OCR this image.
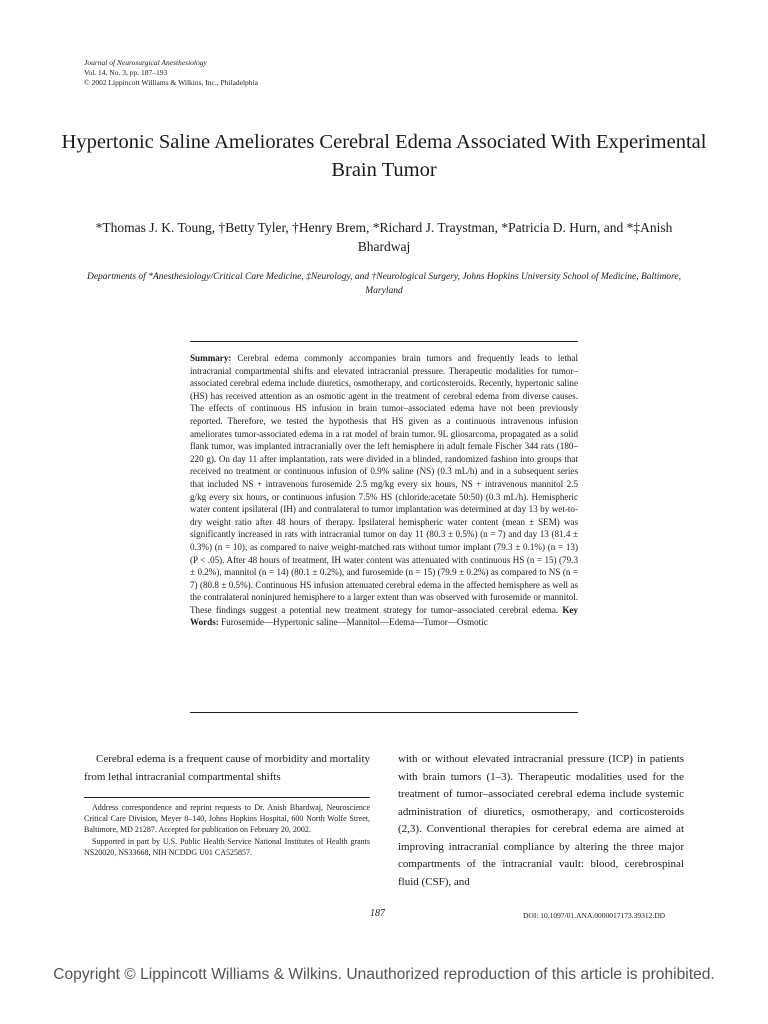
Journal of Neurosurgical Anesthesiology
Vol. 14, No. 3, pp. 187–193
© 2002 Lippincott Williams & Wilkins, Inc., Philadelphia
Hypertonic Saline Ameliorates Cerebral Edema Associated With Experimental Brain Tumor
*Thomas J. K. Toung, †Betty Tyler, †Henry Brem, *Richard J. Traystman, *Patricia D. Hurn, and *‡Anish Bhardwaj
Departments of *Anesthesiology/Critical Care Medicine, ‡Neurology, and †Neurological Surgery, Johns Hopkins University School of Medicine, Baltimore, Maryland
Summary: Cerebral edema commonly accompanies brain tumors and frequently leads to lethal intracranial compartmental shifts and elevated intracranial pressure. Therapeutic modalities for tumor–associated cerebral edema include diuretics, osmotherapy, and corticosteroids. Recently, hypertonic saline (HS) has received attention as an osmotic agent in the treatment of cerebral edema from diverse causes. The effects of continuous HS infusion in brain tumor–associated edema have not been previously reported. Therefore, we tested the hypothesis that HS given as a continuous intravenous infusion ameliorates tumor-associated edema in a rat model of brain tumor. 9L gliosarcoma, propagated as a solid flank tumor, was implanted intracranially over the left hemisphere in adult female Fischer 344 rats (180–220 g). On day 11 after implantation, rats were divided in a blinded, randomized fashion into groups that received no treatment or continuous infusion of 0.9% saline (NS) (0.3 mL/h) and in a subsequent series that included NS + intravenous furosemide 2.5 mg/kg every six hours, NS + intravenous mannitol 2.5 g/kg every six hours, or continuous infusion 7.5% HS (chloride:acetate 50:50) (0.3 mL/h). Hemispheric water content ipsilateral (IH) and contralateral to tumor implantation was determined at day 13 by wet-to-dry weight ratio after 48 hours of therapy. Ipsilateral hemispheric water content (mean ± SEM) was significantly increased in rats with intracranial tumor on day 11 (80.3 ± 0.5%) (n = 7) and day 13 (81.4 ± 0.3%) (n = 10), as compared to naive weight-matched rats without tumor implant (79.3 ± 0.1%) (n = 13) (P < .05). After 48 hours of treatment, IH water content was attenuated with continuous HS (n = 15) (79.3 ± 0.2%), mannitol (n = 14) (80.1 ± 0.2%), and furosemide (n = 15) (79.9 ± 0.2%) as compared to NS (n = 7) (80.8 ± 0.5%). Continuous HS infusion attenuated cerebral edema in the affected hemisphere as well as the contralateral noninjured hemisphere to a larger extent than was observed with furosemide or mannitol. These findings suggest a potential new treatment strategy for tumor–associated cerebral edema. Key Words: Furosemide—Hypertonic saline—Mannitol—Edema—Tumor—Osmotic
Cerebral edema is a frequent cause of morbidity and mortality from lethal intracranial compartmental shifts

Address correspondence and reprint requests to Dr. Anish Bhardwaj, Neuroscience Critical Care Division, Meyer 8–140, Johns Hopkins Hospital, 600 North Wolfe Street, Baltimore, MD 21287. Accepted for publication on February 20, 2002.

Supported in part by U.S. Public Health Service National Institutes of Health grants NS20020, NS33668, NIH NCDDG U01 CA525857.

with or without elevated intracranial pressure (ICP) in patients with brain tumors (1–3). Therapeutic modalities used for the treatment of tumor–associated cerebral edema include systemic administration of diuretics, osmotherapy, and corticosteroids (2,3). Conventional therapies for cerebral edema are aimed at improving intracranial compliance by altering the three major compartments of the intracranial vault: blood, cerebrospinal fluid (CSF), and
187	DOI: 10.1097/01.ANA.0000017173.39312.DD
Copyright © Lippincott Williams & Wilkins. Unauthorized reproduction of this article is prohibited.
